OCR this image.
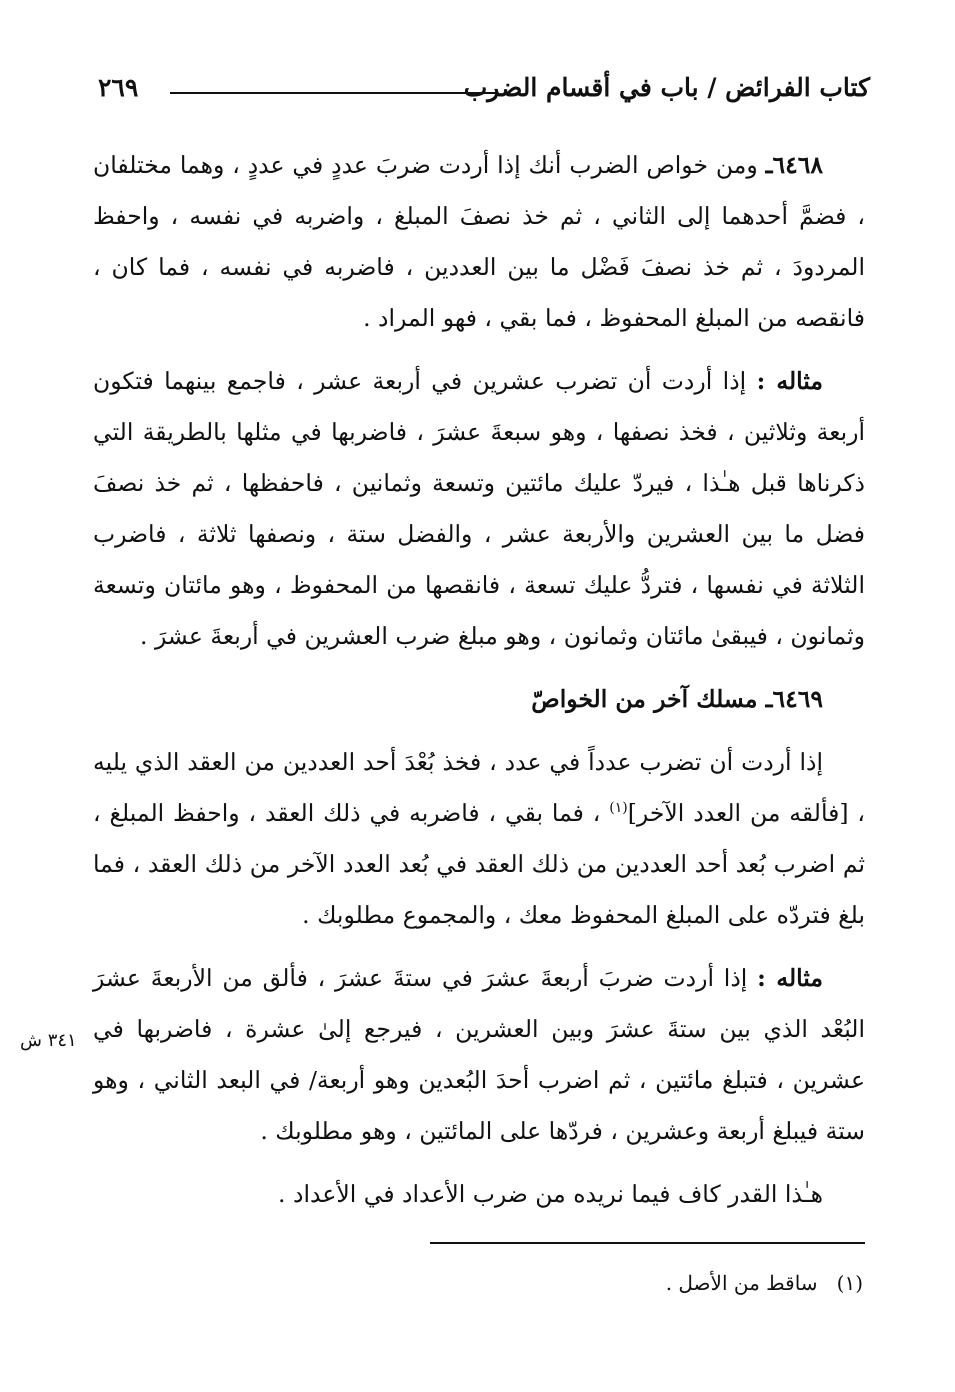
كتاب الفرائض / باب في أقسام الضرب
٢٦٩

٦٤٦٨ـ ومن خواص الضرب أنك إذا أردت ضربَ عددٍ في عددٍ ، وهما مختلفان ، فضمَّ أحدهما إلى الثاني ، ثم خذ نصفَ المبلغ ، واضربه في نفسه ، واحفظ المردودَ ، ثم خذ نصفَ فَضْل ما بين العددين ، فاضربه في نفسه ، فما كان ، فانقصه من المبلغ المحفوظ ، فما بقي ، فهو المراد .

مثاله : إذا أردت أن تضرب عشرين في أربعة عشر ، فاجمع بينهما فتكون أربعة وثلاثين ، فخذ نصفها ، وهو سبعةَ عشرَ ، فاضربها في مثلها بالطريقة التي ذكرناها قبل هـٰذا ، فيردّ عليك مائتين وتسعة وثمانين ، فاحفظها ، ثم خذ نصفَ فضل ما بين العشرين والأربعة عشر ، والفضل ستة ، ونصفها ثلاثة ، فاضرب الثلاثة في نفسها ، فتردُّ عليك تسعة ، فانقصها من المحفوظ ، وهو مائتان وتسعة وثمانون ، فيبقىٰ مائتان وثمانون ، وهو مبلغ ضرب العشرين في أربعةَ عشرَ .

٦٤٦٩ـ مسلك آخر من الخواصّ

إذا أردت أن تضرب عدداً في عدد ، فخذ بُعْدَ أحد العددين من العقد الذي يليه ، [فألقه من العدد الآخر]$^{(١)}$ ، فما بقي ، فاضربه في ذلك العقد ، واحفظ المبلغ ، ثم اضرب بُعد أحد العددين من ذلك العقد في بُعد العدد الآخر من ذلك العقد ، فما بلغ فتردّه على المبلغ المحفوظ معك ، والمجموع مطلوبك .

مثاله : إذا أردت ضربَ أربعةَ عشرَ في ستةَ عشرَ ، فألق من الأربعةَ عشرَ البُعْد الذي بين ستةَ عشرَ وبين العشرين ، فيرجع إلىٰ عشرة ، فاضربها في عشرين ، فتبلغ مائتين ، ثم اضرب أحدَ البُعدين وهو أربعة/ في البعد الثاني ، وهو ستة فيبلغ أربعة وعشرين ، فردّها على المائتين ، وهو مطلوبك .

هـٰذا القدر كاف فيما نريده من ضرب الأعداد في الأعداد .

٣٤١ ش
(١)   ساقط من الأصل .
